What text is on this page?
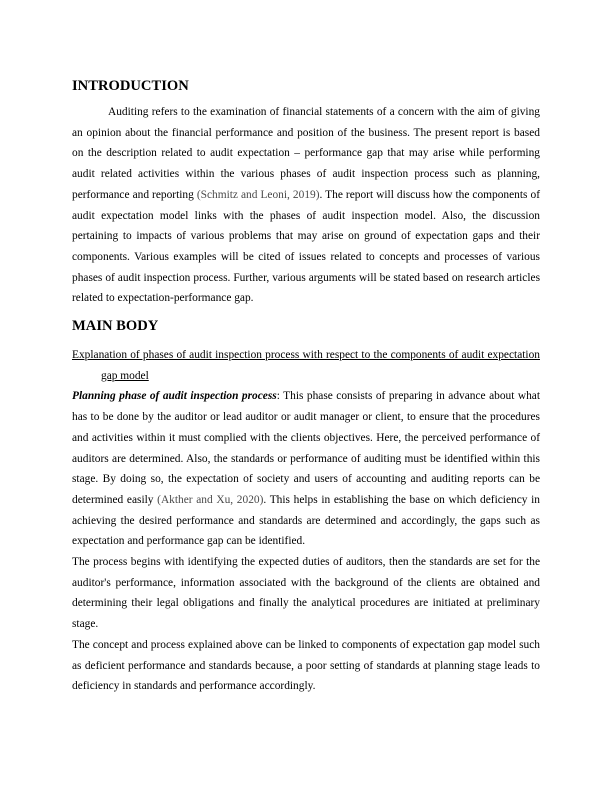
INTRODUCTION

Auditing refers to the examination of financial statements of a concern with the aim of giving an opinion about the financial performance and position of the business. The present report is based on the description related to audit expectation – performance gap that may arise while performing audit related activities within the various phases of audit inspection process such as planning, performance and reporting (Schmitz and Leoni, 2019). The report will discuss how the components of audit expectation model links with the phases of audit inspection model. Also, the discussion pertaining to impacts of various problems that may arise on ground of expectation gaps and their components. Various examples will be cited of issues related to concepts and processes of various phases of audit inspection process. Further, various arguments will be stated based on research articles related to expectation-performance gap.

MAIN BODY
Explanation of phases of audit inspection process with respect to the components of audit expectation gap model

Planning phase of audit inspection process: This phase consists of preparing in advance about what has to be done by the auditor or lead auditor or audit manager or client, to ensure that the procedures and activities within it must complied with the clients objectives. Here, the perceived performance of auditors are determined. Also, the standards or performance of auditing must be identified within this stage. By doing so, the expectation of society and users of accounting and auditing reports can be determined easily (Akther and Xu, 2020). This helps in establishing the base on which deficiency in achieving the desired performance and standards are determined and accordingly, the gaps such as expectation and performance gap can be identified.

The process begins with identifying the expected duties of auditors, then the standards are set for the auditor's performance, information associated with the background of the clients are obtained and determining their legal obligations and finally the analytical procedures are initiated at preliminary stage.

The concept and process explained above can be linked to components of expectation gap model such as deficient performance and standards because, a poor setting of standards at planning stage leads to deficiency in standards and performance accordingly.
